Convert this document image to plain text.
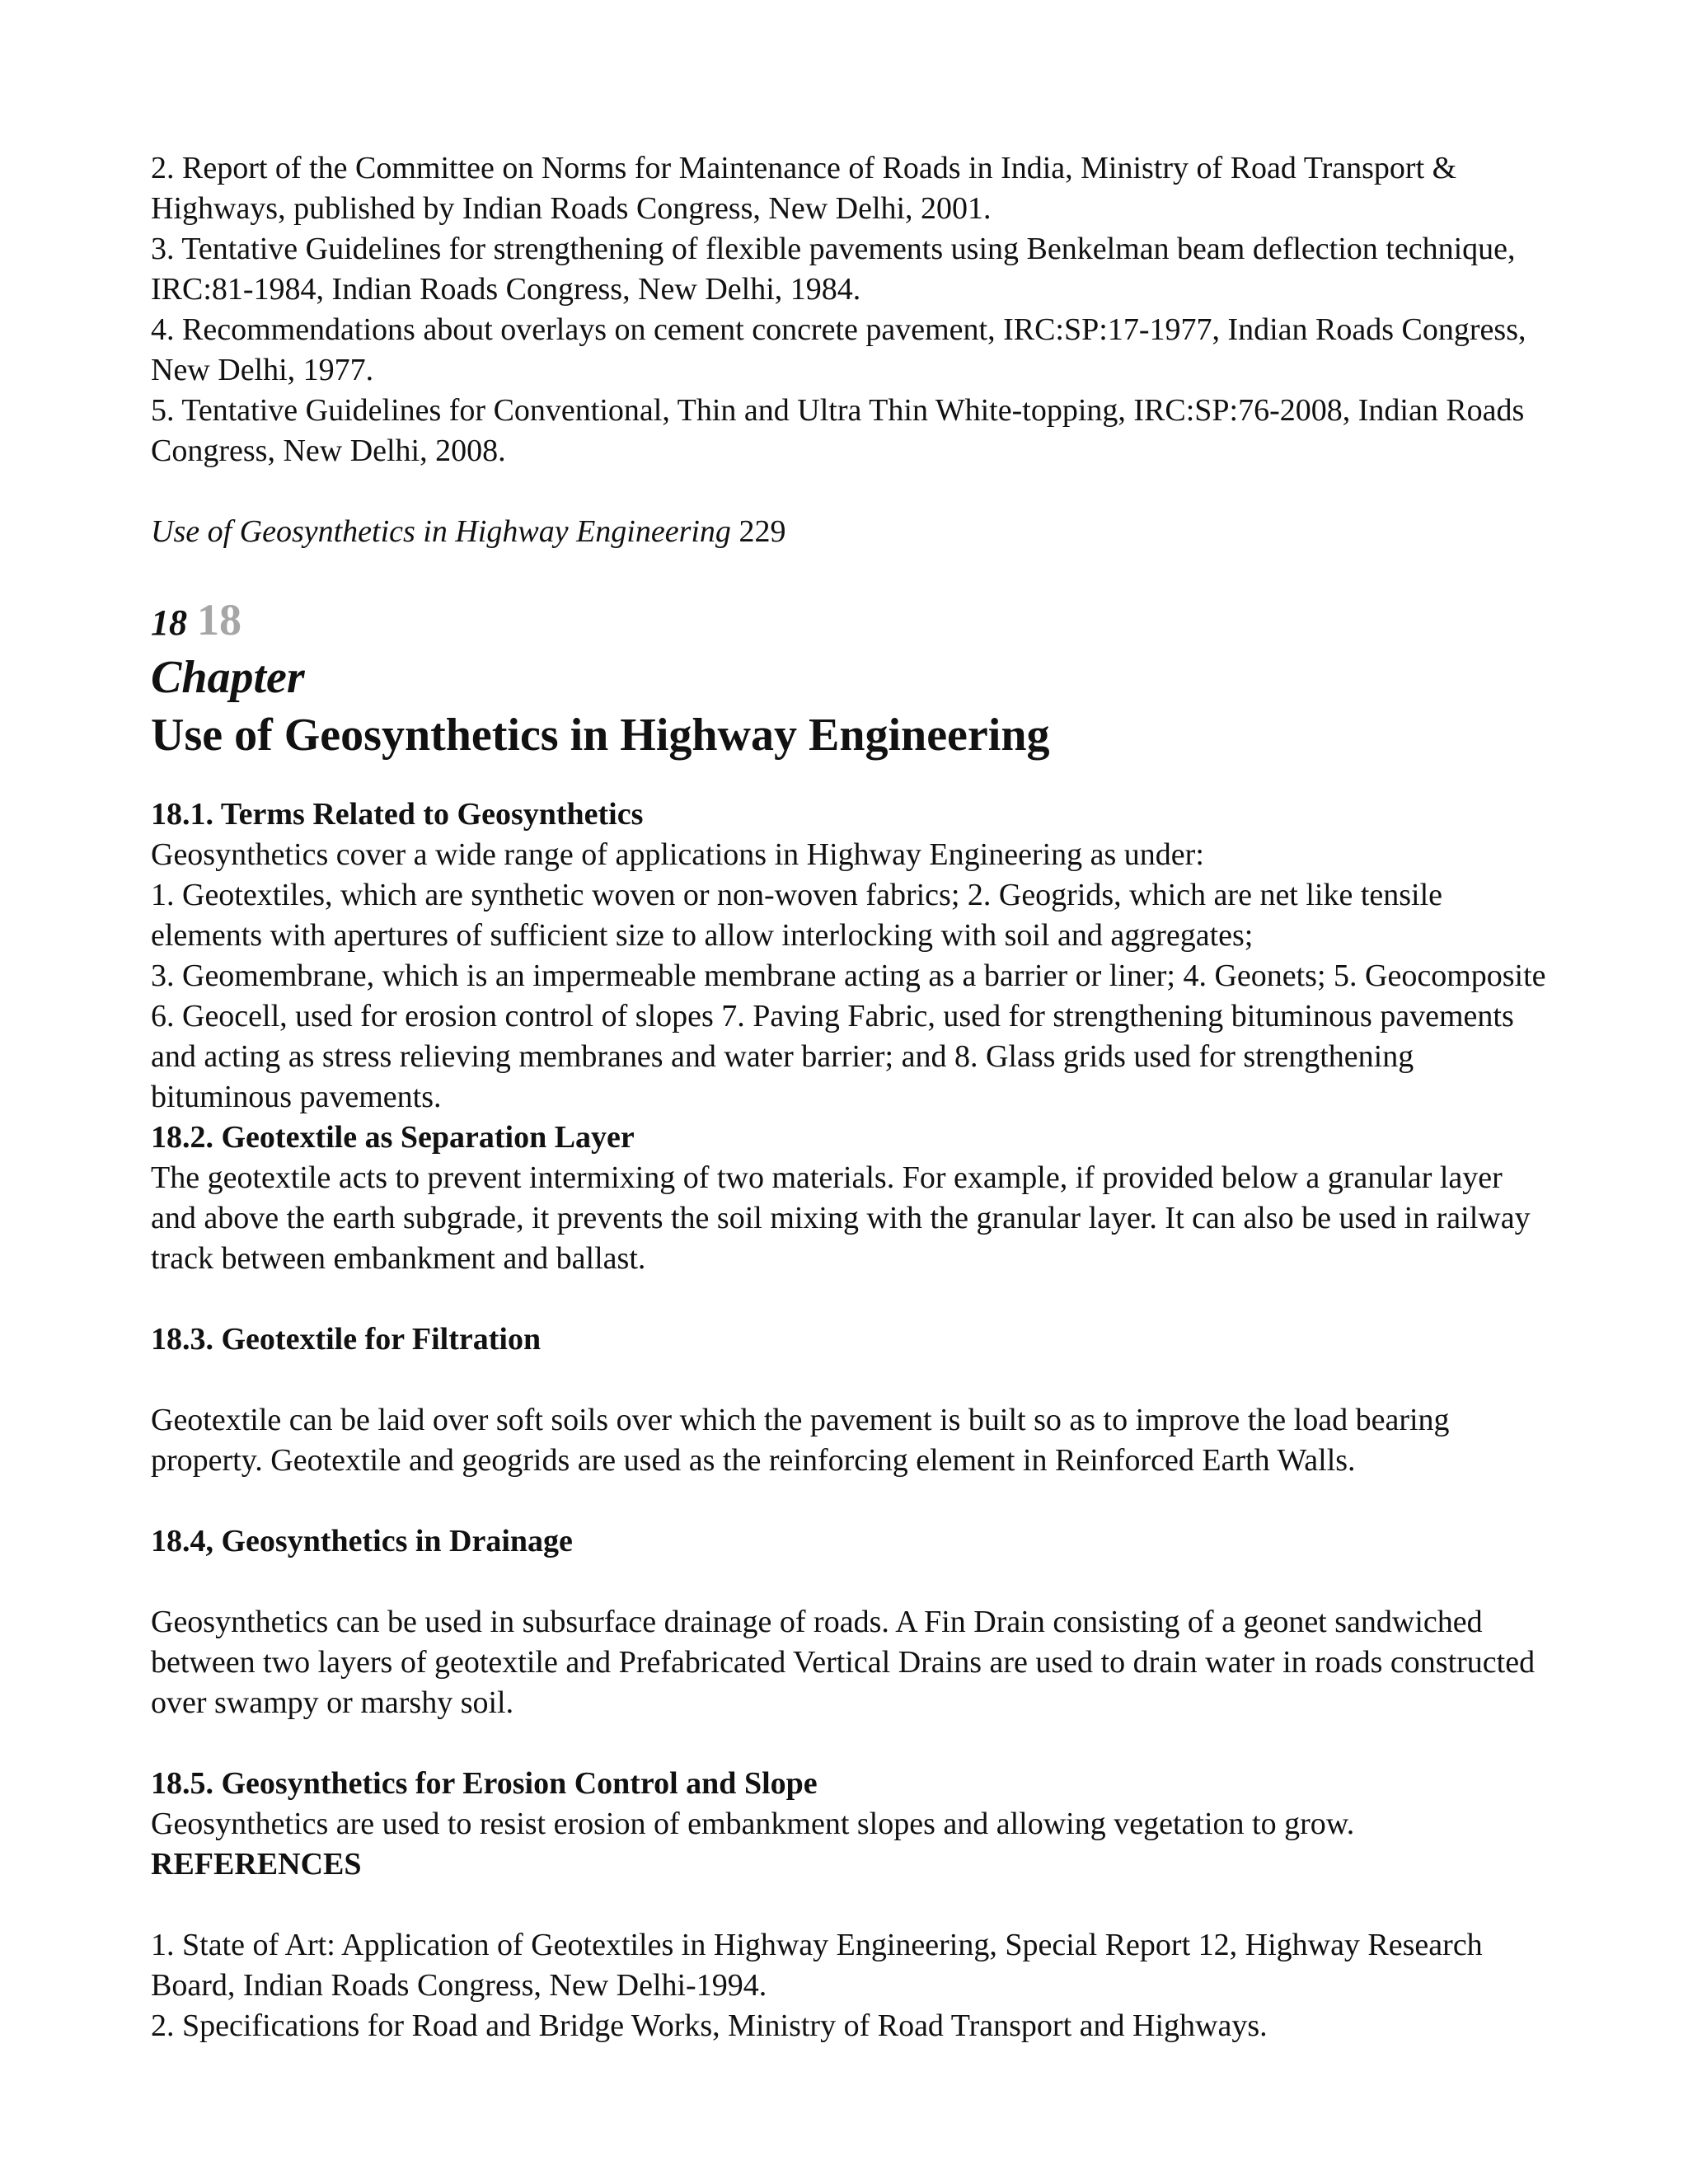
2. Report of the Committee on Norms for Maintenance of Roads in India, Ministry of Road Transport & Highways, published by Indian Roads Congress, New Delhi, 2001.

3. Tentative Guidelines for strengthening of flexible pavements using Benkelman beam deflection technique, IRC:81-1984, Indian Roads Congress, New Delhi, 1984.

4. Recommendations about overlays on cement concrete pavement, IRC:SP:17-1977, Indian Roads Congress, New Delhi, 1977.

5. Tentative Guidelines for Conventional, Thin and Ultra Thin White-topping, IRC:SP:76-2008, Indian Roads Congress, New Delhi, 2008.

Use of Geosynthetics in Highway Engineering 229

18 18

Chapter

Use of Geosynthetics in Highway Engineering
18.1. Terms Related to Geosynthetics

Geosynthetics cover a wide range of applications in Highway Engineering as under:

1. Geotextiles, which are synthetic woven or non-woven fabrics; 2. Geogrids, which are net like tensile elements with apertures of sufficient size to allow interlocking with soil and aggregates;

3. Geomembrane, which is an impermeable membrane acting as a barrier or liner; 4. Geonets; 5. Geocomposite 6. Geocell, used for erosion control of slopes 7. Paving Fabric, used for strengthening bituminous pavements and acting as stress relieving membranes and water barrier; and 8. Glass grids used for strengthening bituminous pavements.

18.2. Geotextile as Separation Layer

The geotextile acts to prevent intermixing of two materials. For example, if provided below a granular layer and above the earth subgrade, it prevents the soil mixing with the granular layer. It can also be used in railway track between embankment and ballast.

18.3. Geotextile for Filtration

Geotextile can be laid over soft soils over which the pavement is built so as to improve the load bearing property. Geotextile and geogrids are used as the reinforcing element in Reinforced Earth Walls.

18.4, Geosynthetics in Drainage

Geosynthetics can be used in subsurface drainage of roads. A Fin Drain consisting of a geonet sandwiched between two layers of geotextile and Prefabricated Vertical Drains are used to drain water in roads constructed over swampy or marshy soil.

18.5. Geosynthetics for Erosion Control and Slope

Geosynthetics are used to resist erosion of embankment slopes and allowing vegetation to grow.

REFERENCES

1. State of Art: Application of Geotextiles in Highway Engineering, Special Report 12, Highway Research Board, Indian Roads Congress, New Delhi-1994.

2. Specifications for Road and Bridge Works, Ministry of Road Transport and Highways.
